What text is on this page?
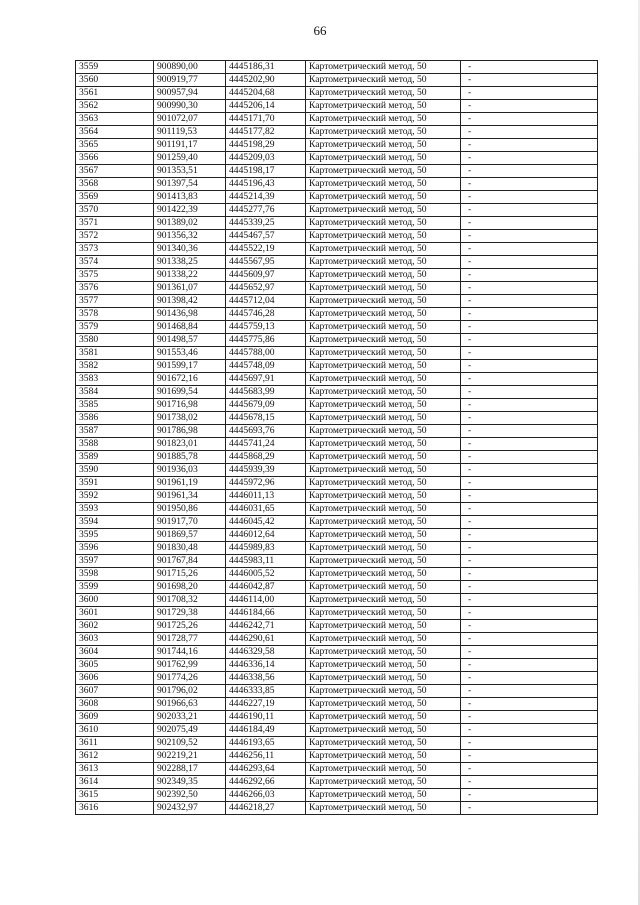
66
3559	900890,00	4445186,31	Картометрический метод, 50	-
3560	900919,77	4445202,90	Картометрический метод, 50	-
3561	900957,94	4445204,68	Картометрический метод, 50	-
3562	900990,30	4445206,14	Картометрический метод, 50	-
3563	901072,07	4445171,70	Картометрический метод, 50	-
3564	901119,53	4445177,82	Картометрический метод, 50	-
3565	901191,17	4445198,29	Картометрический метод, 50	-
3566	901259,40	4445209,03	Картометрический метод, 50	-
3567	901353,51	4445198,17	Картометрический метод, 50	-
3568	901397,54	4445196,43	Картометрический метод, 50	-
3569	901413,83	4445214,39	Картометрический метод, 50	-
3570	901422,39	4445277,76	Картометрический метод, 50	-
3571	901389,02	4445339,25	Картометрический метод, 50	-
3572	901356,32	4445467,57	Картометрический метод, 50	-
3573	901340,36	4445522,19	Картометрический метод, 50	-
3574	901338,25	4445567,95	Картометрический метод, 50	-
3575	901338,22	4445609,97	Картометрический метод, 50	-
3576	901361,07	4445652,97	Картометрический метод, 50	-
3577	901398,42	4445712,04	Картометрический метод, 50	-
3578	901436,98	4445746,28	Картометрический метод, 50	-
3579	901468,84	4445759,13	Картометрический метод, 50	-
3580	901498,57	4445775,86	Картометрический метод, 50	-
3581	901553,46	4445788,00	Картометрический метод, 50	-
3582	901599,17	4445748,09	Картометрический метод, 50	-
3583	901672,16	4445697,91	Картометрический метод, 50	-
3584	901699,54	4445683,99	Картометрический метод, 50	-
3585	901716,98	4445679,09	Картометрический метод, 50	-
3586	901738,02	4445678,15	Картометрический метод, 50	-
3587	901786,98	4445693,76	Картометрический метод, 50	-
3588	901823,01	4445741,24	Картометрический метод, 50	-
3589	901885,78	4445868,29	Картометрический метод, 50	-
3590	901936,03	4445939,39	Картометрический метод, 50	-
3591	901961,19	4445972,96	Картометрический метод, 50	-
3592	901961,34	4446011,13	Картометрический метод, 50	-
3593	901950,86	4446031,65	Картометрический метод, 50	-
3594	901917,70	4446045,42	Картометрический метод, 50	-
3595	901869,57	4446012,64	Картометрический метод, 50	-
3596	901830,48	4445989,83	Картометрический метод, 50	-
3597	901767,84	4445983,11	Картометрический метод, 50	-
3598	901715,26	4446005,52	Картометрический метод, 50	-
3599	901698,20	4446042,87	Картометрический метод, 50	-
3600	901708,32	4446114,00	Картометрический метод, 50	-
3601	901729,38	4446184,66	Картометрический метод, 50	-
3602	901725,26	4446242,71	Картометрический метод, 50	-
3603	901728,77	4446290,61	Картометрический метод, 50	-
3604	901744,16	4446329,58	Картометрический метод, 50	-
3605	901762,99	4446336,14	Картометрический метод, 50	-
3606	901774,26	4446338,56	Картометрический метод, 50	-
3607	901796,02	4446333,85	Картометрический метод, 50	-
3608	901966,63	4446227,19	Картометрический метод, 50	-
3609	902033,21	4446190,11	Картометрический метод, 50	-
3610	902075,49	4446184,49	Картометрический метод, 50	-
3611	902109,52	4446193,65	Картометрический метод, 50	-
3612	902219,21	4446256,11	Картометрический метод, 50	-
3613	902288,17	4446293,64	Картометрический метод, 50	-
3614	902349,35	4446292,66	Картометрический метод, 50	-
3615	902392,50	4446266,03	Картометрический метод, 50	-
3616	902432,97	4446218,27	Картометрический метод, 50	-
